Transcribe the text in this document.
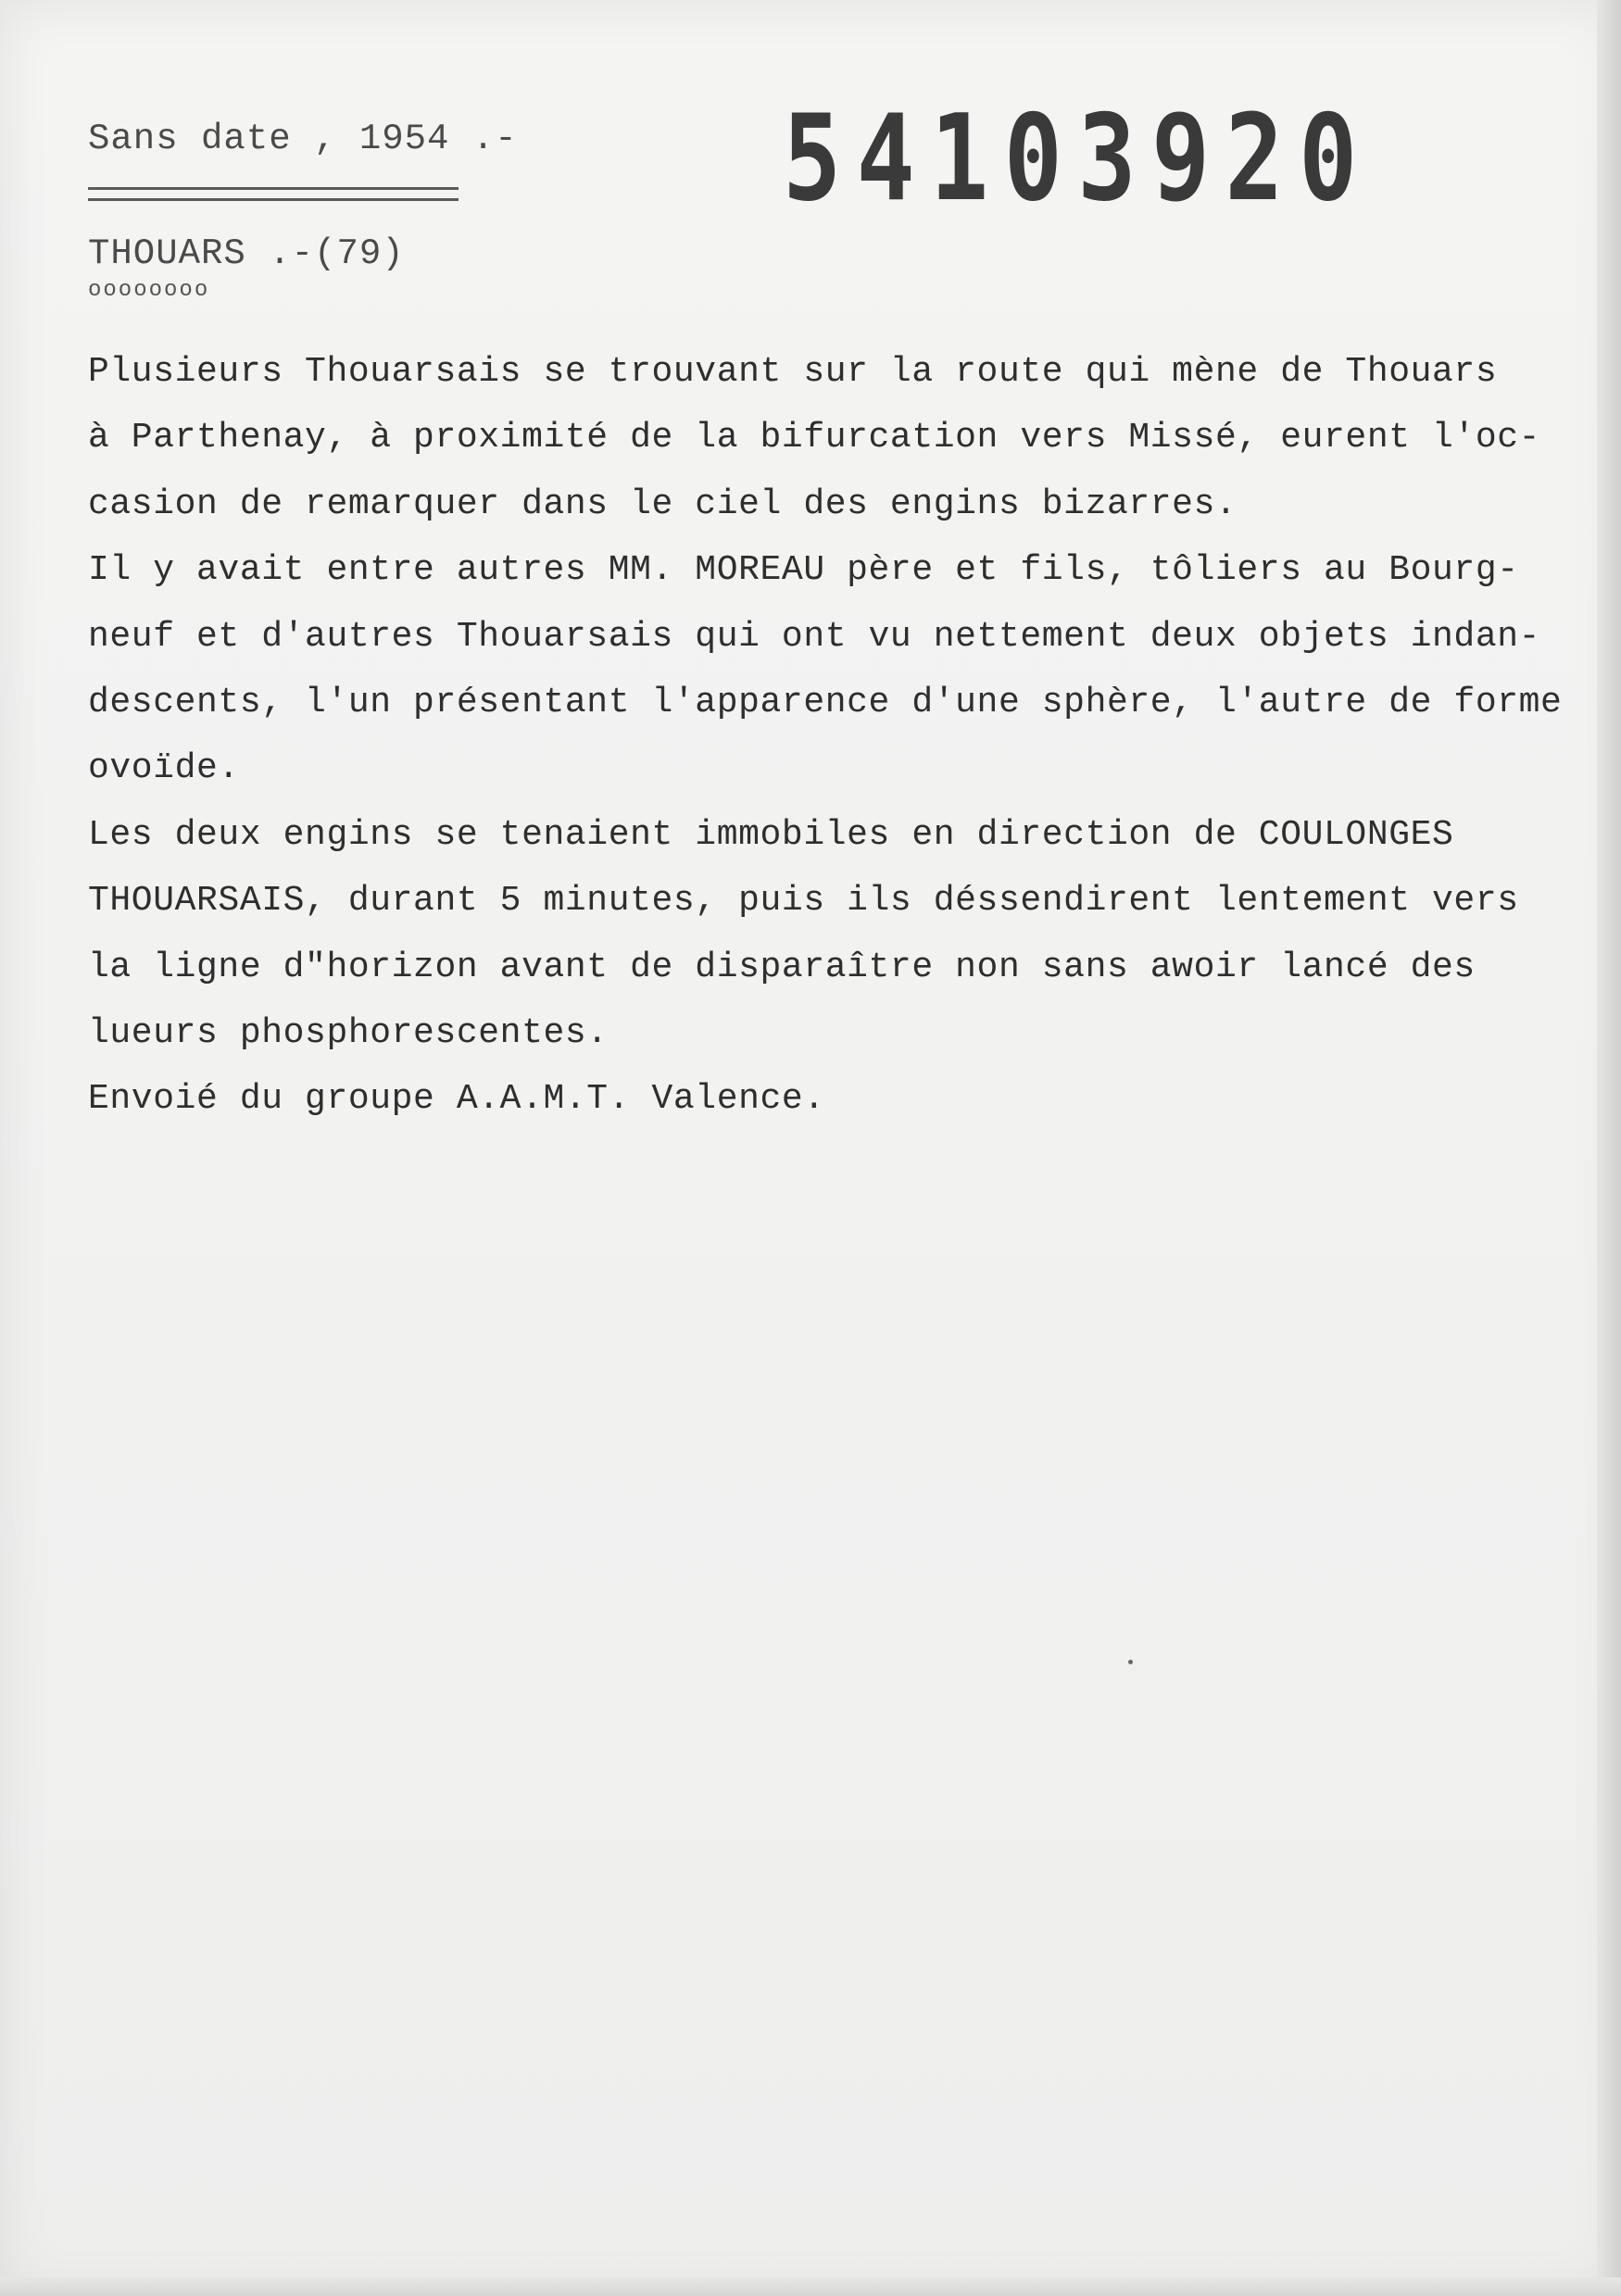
Sans date , 1954 .- 54103920
THOUARS .-(79)
oooooooo
Plusieurs Thouarsais se trouvant sur la route qui mène de Thouars
à Parthenay, à proximité de la bifurcation vers Missé, eurent l'oc-
casion de remarquer dans le ciel des engins bizarres.
Il y avait entre autres MM. MOREAU père et fils, tôliers au Bourg-
neuf et d'autres Thouarsais qui ont vu nettement deux objets indan-
descents, l'un présentant l'apparence d'une sphère, l'autre de forme
ovoïde.
Les deux engins se tenaient immobiles en direction de COULONGES
THOUARSAIS, durant 5 minutes, puis ils déssendirent lentement vers
la ligne d"horizon avant de disparaître non sans awoir lancé des
lueurs phosphorescentes.
Envoié du groupe A.A.M.T. Valence.
